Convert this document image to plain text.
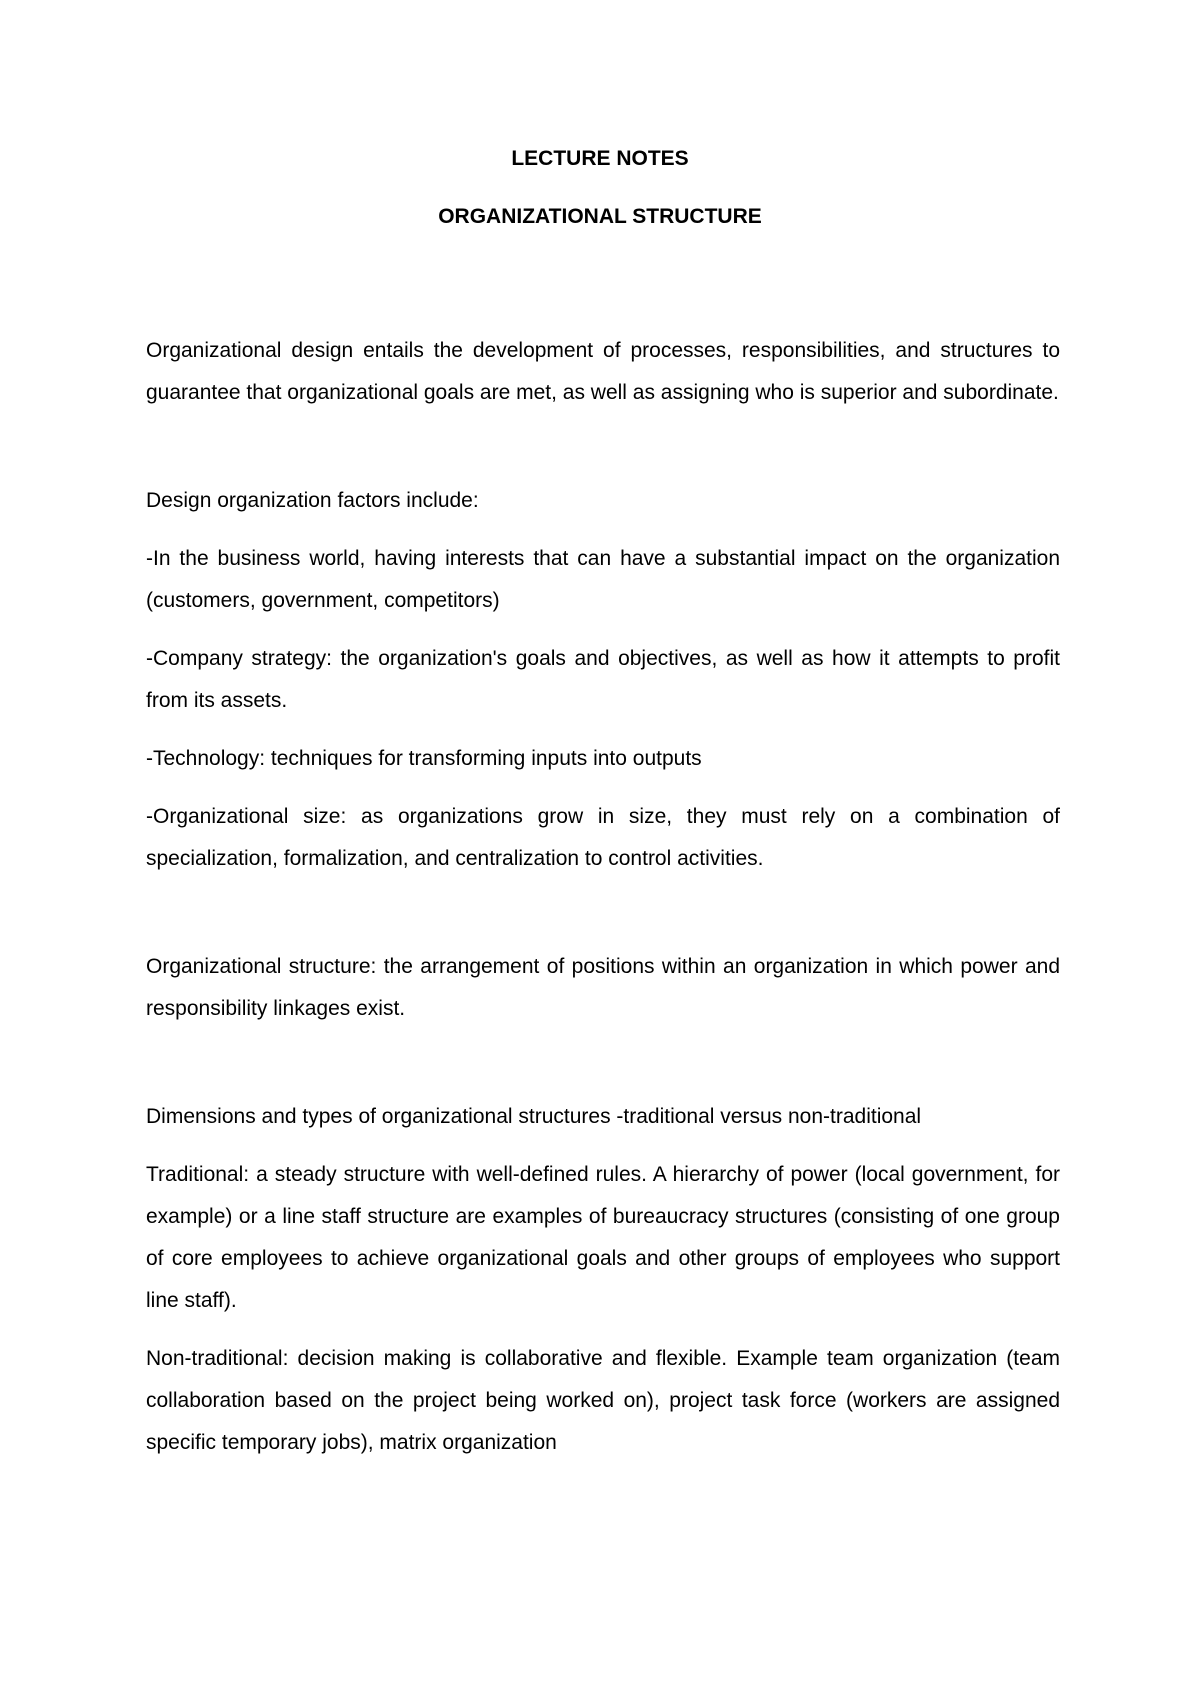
LECTURE NOTES
ORGANIZATIONAL STRUCTURE

Organizational design entails the development of processes, responsibilities, and structures to guarantee that organizational goals are met, as well as assigning who is superior and subordinate.

Design organization factors include:

-In the business world, having interests that can have a substantial impact on the organization (customers, government, competitors)

-Company strategy: the organization's goals and objectives, as well as how it attempts to profit from its assets.

-Technology: techniques for transforming inputs into outputs

-Organizational size: as organizations grow in size, they must rely on a combination of specialization, formalization, and centralization to control activities.

Organizational structure: the arrangement of positions within an organization in which power and responsibility linkages exist.

Dimensions and types of organizational structures -traditional versus non-traditional

Traditional: a steady structure with well-defined rules. A hierarchy of power (local government, for example) or a line staff structure are examples of bureaucracy structures (consisting of one group of core employees to achieve organizational goals and other groups of employees who support line staff).

Non-traditional: decision making is collaborative and flexible. Example team organization (team collaboration based on the project being worked on), project task force (workers are assigned specific temporary jobs), matrix organization
